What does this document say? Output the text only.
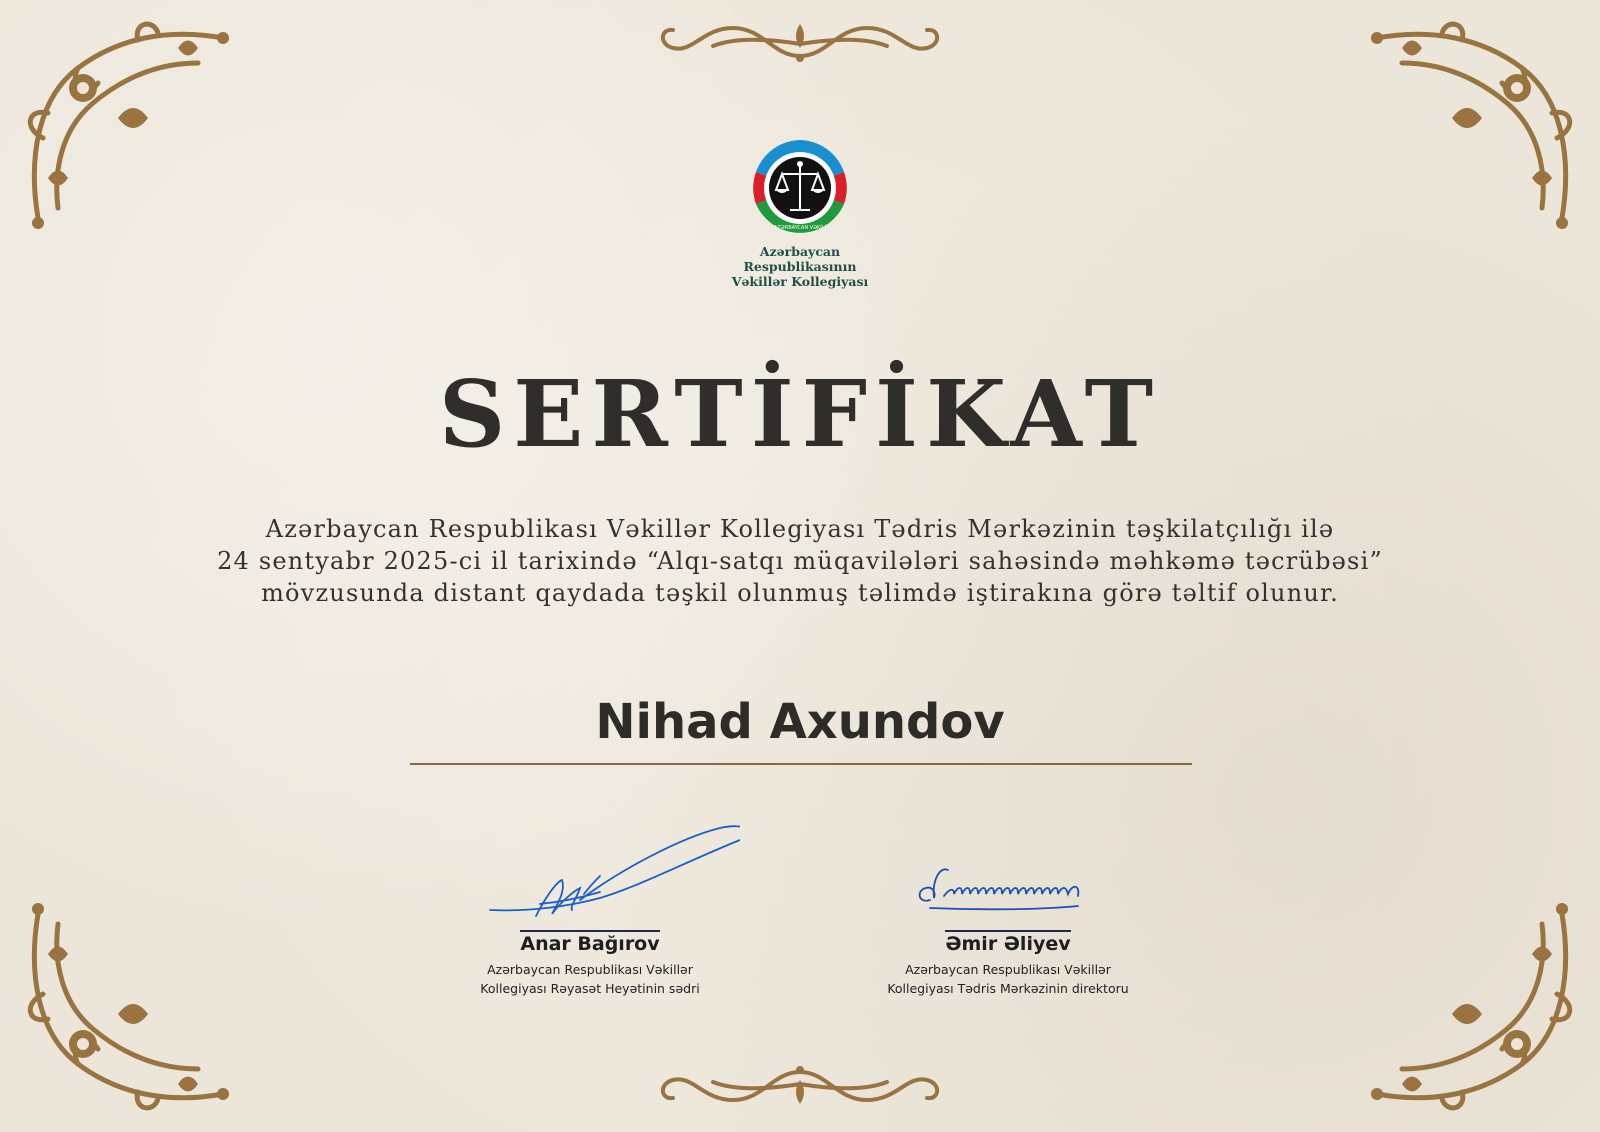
AZƏRBAYCAN VƏKİLİ
Azərbaycan
Respublikasının
Vəkillər Kollegiyası
SERTİFİKAT
Azərbaycan Respublikası Vəkillər Kollegiyası Tədris Mərkəzinin təşkilatçılığı ilə
24 sentyabr 2025-ci il tarixində “Alqı-satqı müqavilələri sahəsində məhkəmə təcrübəsi”
mövzusunda distant qaydada təşkil olunmuş təlimdə iştirakına görə təltif olunur.
Nihad Axundov
Anar Bağırov
Azərbaycan Respublikası Vəkillər
Kollegiyası Rəyasət Heyətinin sədri
Əmir Əliyev
Azərbaycan Respublikası Vəkillər
Kollegiyası Tədris Mərkəzinin direktoru
